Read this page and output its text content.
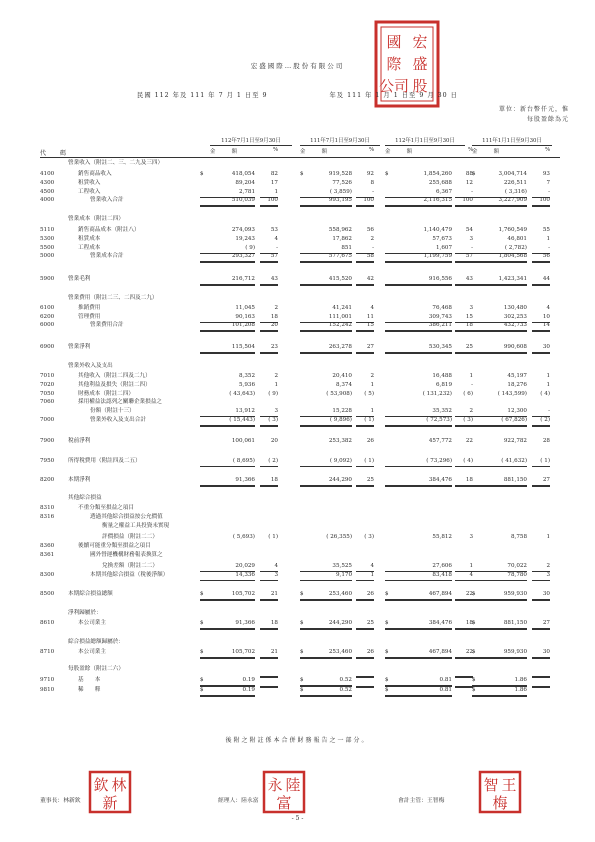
國 宏
際 盛
公司 股
宏盛國際…股份有限公司
民國 112 年及 111 年 7 月 1 日至 9	年及 111 年 1 月 1 日至 9 月 30 日
單位：新台幣仟元，惟
每股盈餘為元
112年7月1日至9月30日
金　　　額	%
111年7月1日至9月30日
金　　　額	%
112年1月1日至9月30日
金　　　額	%
111年1月1日至9月30日
金　　　額	%
代　碼
營業收入（附註二、三、二九及三四）
4100	銷售商品收入	$ 418,054	82	$ 919,528	92 $ 1,854,260	88 $ 3,004,714	93
4300	租賃收入	89,204	17	77,526	8	255,688	12	226,511	7
4500	工程收入	2,781	1	( 3,859)	-	6,367	-	( 3,316)	-
4000	營業收入合計	510,039	100	993,195	100	2,116,315	100	3,227,909	100
營業成本（附註二四）
5110	銷售商品成本（附註八）	274,093	53	558,962	56	1,140,479	54	1,760,549	55
5300	租賃成本	19,243	4	17,862	2	57,673	3	46,801	1
5500	工程成本	( 9)	-	851	-	1,607	-	( 2,782)	-
5000	營業成本合計	293,327	57	577,675	58	1,199,759	57	1,804,568	56
5900 營業毛利	216,712	43	415,520	42	916,556	43	1,423,341	44
營業費用（附註二三、二四及二九）
6100	推銷費用	11,045	2	41,241	4	76,468	3	130,480	4
6200	管理費用	90,163	18	111,001	11	309,743	15	302,253	10
6000	營業費用合計	101,208	20	152,242	15	386,211	18	432,733	14
6900 營業淨利	115,504	23	263,278	27	530,345	25	990,608	30
營業外收入及支出
7010	其他收入（附註二四及二九）	8,352	2	20,410	2	16,488	1	45,197	1
7020	其他利益及損失（附註二四）	5,936	1	8,374	1	6,819	-	18,276	1
7050	財務成本（附註二四）	( 43,643)	( 9)	( 53,908)	( 5)	( 131,232)	( 6)	( 143,599)	( 4)
7060	採用權益法認列之關聯企業損益之
份額（附註十三）	13,912	3	15,228	1	35,352	2	12,300	-
7000	營業外收入及支出合計	( 15,443)	( 3)	( 9,896)	( 1)	( 72,573)	( 3)	( 67,826)	( 2)
7900 稅前淨利	100,061	20	253,382	26	457,772	22	922,782	28
7950 所得稅費用（附註四及二五）	( 8,695)	( 2)	( 9,092)	( 1)	( 73,296)	( 4)	( 41,632)	( 1)
8200 本期淨利	91,366	18	244,290	25	384,476	18	881,150	27
其他綜合損益
8310	不重分類至損益之項目
8316	透過其他綜合損益按公允價值
衡量之權益工具投資未實現
評價損益（附註二二）	( 5,693)	( 1)	( 26,355)	( 3)	55,812	3	8,758	1
8360	後續可能重分類至損益之項目
8361	國外營運機構財務報表換算之
兌換差額（附註二二）	20,029	4	35,525	4	27,606	1	70,022	2
8300	本期其他綜合損益（稅後淨額）	14,336	3	9,170	1	83,418	4	78,780	3
8500 本期綜合損益總額	$ 105,702	21	$ 253,460	26 $ 467,894	22 $ 959,930	30
淨利歸屬於：
8610	本公司業主	$ 91,366	18	$ 244,290	25 $ 384,476	18 $ 881,150	27
綜合損益總額歸屬於：
8710	本公司業主	$ 105,702	21	$ 253,460	26 $ 467,894	22 $ 959,930	30
每股盈餘（附註二六）
9710	基　　本	$ 0.19	$ 0.52	$ 0.81	$ 1.86
9810	稀　　釋	$ 0.19	$ 0.52	$ 0.81	$ 1.86
後附之附註係本合併財務報告之一部分。
董事長：林新欽	經理人：陸永富	會計主管：王智梅
林
欽
新
陸
永
富
王
智
梅
- 5 -
